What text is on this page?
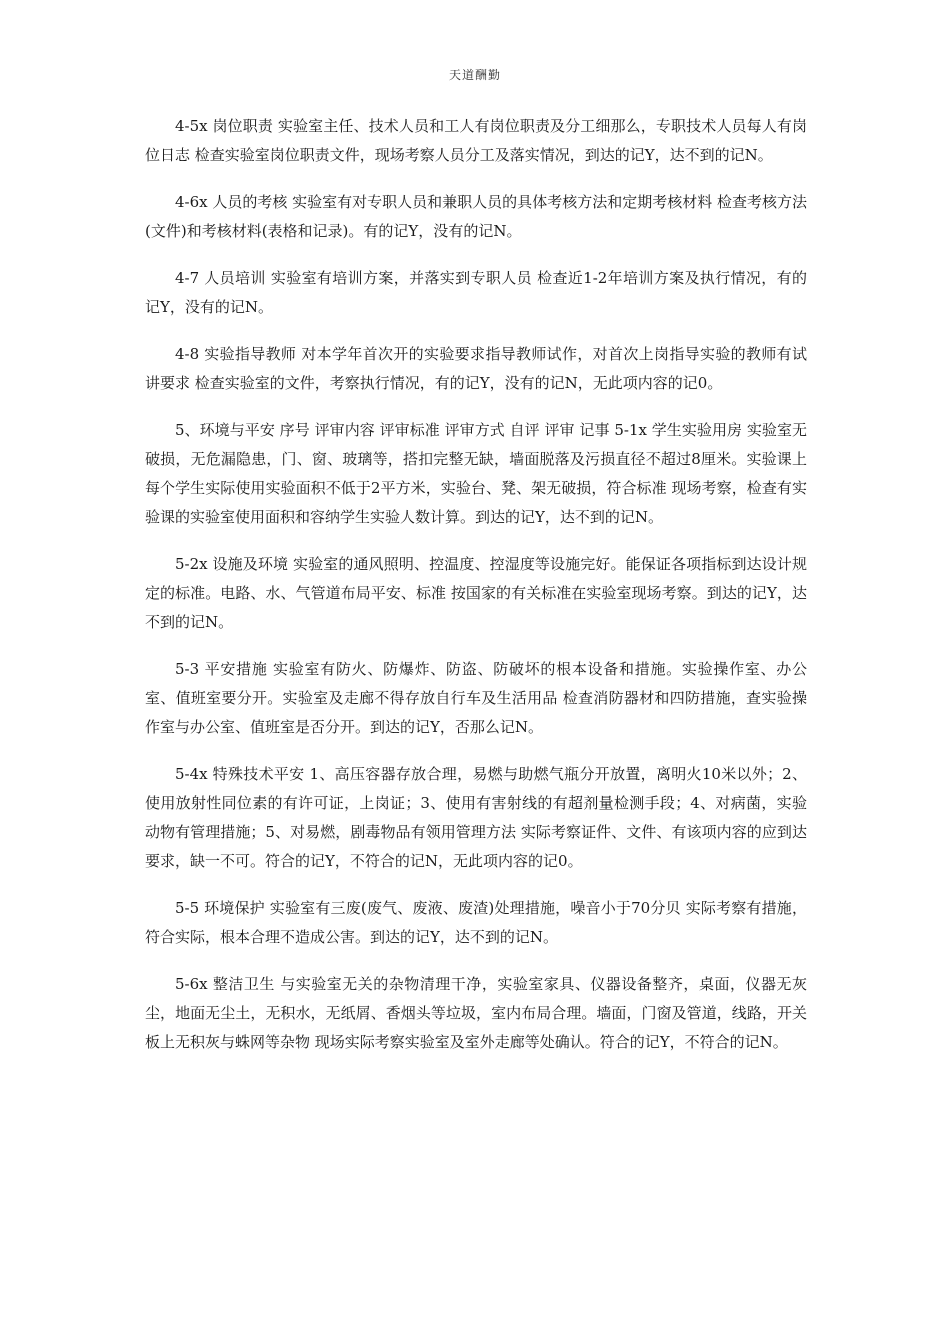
天道酬勤

4-5x 岗位职责 实验室主任、技术人员和工人有岗位职责及分工细那么，专职技术人员每人有岗位日志 检查实验室岗位职责文件，现场考察人员分工及落实情况，到达的记Y，达不到的记N。

4-6x 人员的考核 实验室有对专职人员和兼职人员的具体考核方法和定期考核材料 检查考核方法(文件)和考核材料(表格和记录)。有的记Y，没有的记N。

4-7 人员培训 实验室有培训方案，并落实到专职人员 检查近1-2年培训方案及执行情况，有的记Y，没有的记N。

4-8 实验指导教师 对本学年首次开的实验要求指导教师试作，对首次上岗指导实验的教师有试讲要求 检查实验室的文件，考察执行情况，有的记Y，没有的记N，无此项内容的记0。

5、环境与平安 序号 评审内容 评审标准 评审方式 自评 评审 记事 5-1x 学生实验用房 实验室无破损，无危漏隐患，门、窗、玻璃等，搭扣完整无缺，墙面脱落及污损直径不超过8厘米。实验课上每个学生实际使用实验面积不低于2平方米，实验台、凳、架无破损，符合标准 现场考察，检查有实验课的实验室使用面积和容纳学生实验人数计算。到达的记Y，达不到的记N。

5-2x 设施及环境 实验室的通风照明、控温度、控湿度等设施完好。能保证各项指标到达设计规定的标准。电路、水、气管道布局平安、标准 按国家的有关标准在实验室现场考察。到达的记Y，达不到的记N。

5-3 平安措施 实验室有防火、防爆炸、防盗、防破坏的根本设备和措施。实验操作室、办公室、值班室要分开。实验室及走廊不得存放自行车及生活用品 检查消防器材和四防措施，查实验操作室与办公室、值班室是否分开。到达的记Y，否那么记N。

5-4x 特殊技术平安 1、高压容器存放合理，易燃与助燃气瓶分开放置，离明火10米以外；2、使用放射性同位素的有许可证，上岗证；3、使用有害射线的有超剂量检测手段；4、对病菌，实验动物有管理措施；5、对易燃，剧毒物品有领用管理方法 实际考察证件、文件、有该项内容的应到达要求，缺一不可。符合的记Y，不符合的记N，无此项内容的记0。

5-5 环境保护 实验室有三废(废气、废液、废渣)处理措施，噪音小于70分贝 实际考察有措施，符合实际，根本合理不造成公害。到达的记Y，达不到的记N。

5-6x 整洁卫生 与实验室无关的杂物清理干净，实验室家具、仪器设备整齐，桌面，仪器无灰尘，地面无尘土，无积水，无纸屑、香烟头等垃圾，室内布局合理。墙面，门窗及管道，线路，开关板上无积灰与蛛网等杂物 现场实际考察实验室及室外走廊等处确认。符合的记Y，不符合的记N。
